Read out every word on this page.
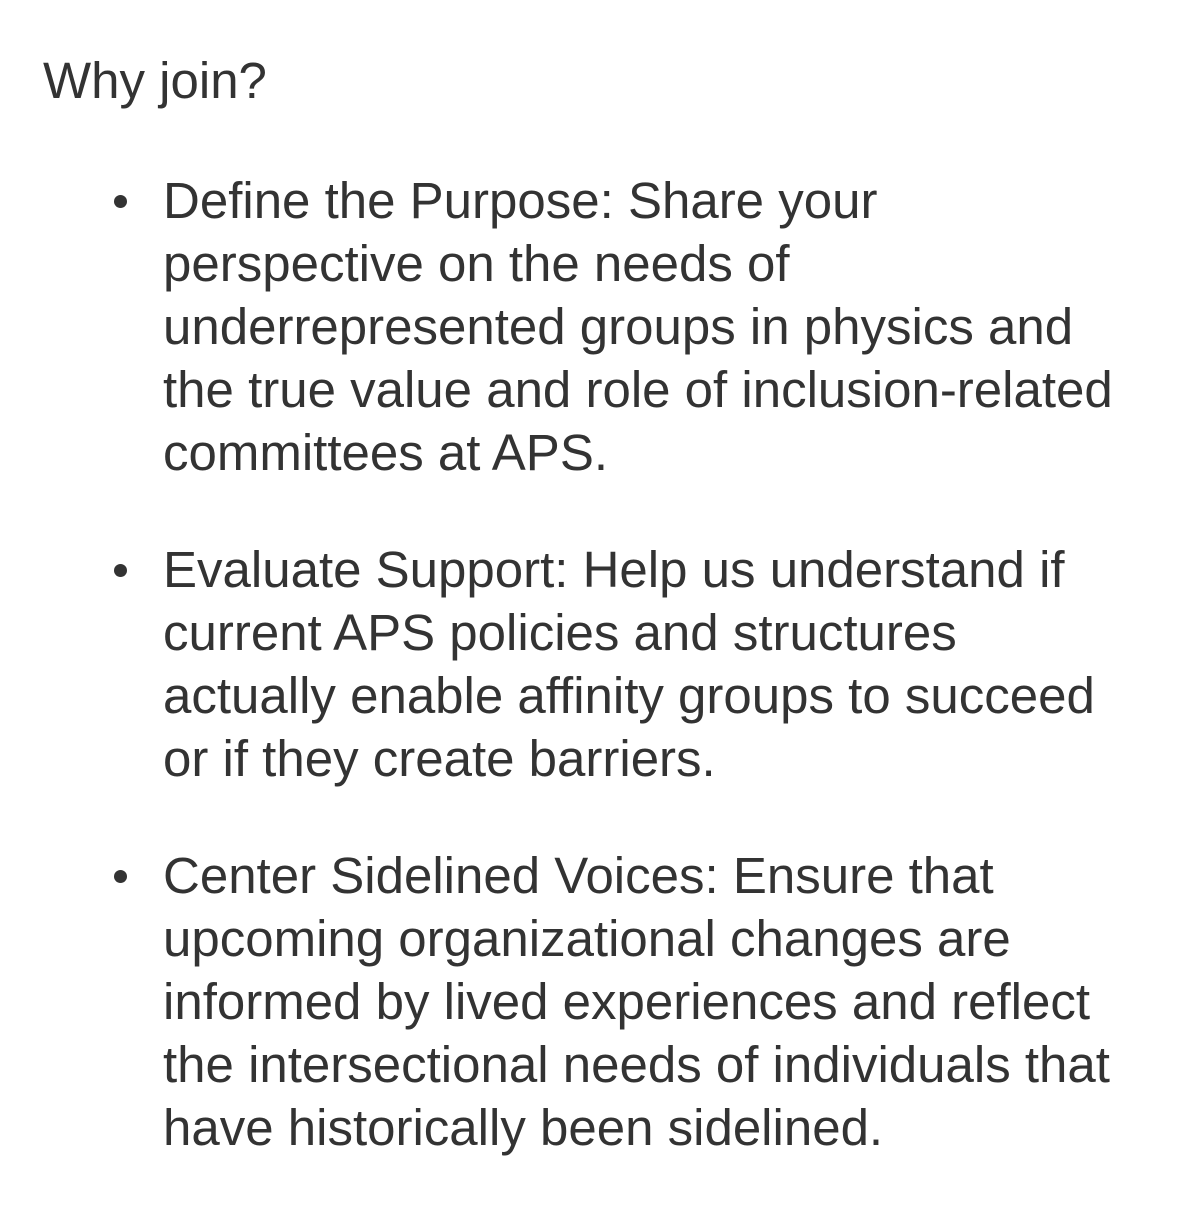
Why join?
Define the Purpose: Share your perspective on the needs of underrepresented groups in physics and the true value and role of inclusion-related committees at APS.
Evaluate Support: Help us understand if current APS policies and structures actually enable affinity groups to succeed or if they create barriers.
Center Sidelined Voices: Ensure that upcoming organizational changes are informed by lived experiences and reflect the intersectional needs of individuals that have historically been sidelined.
